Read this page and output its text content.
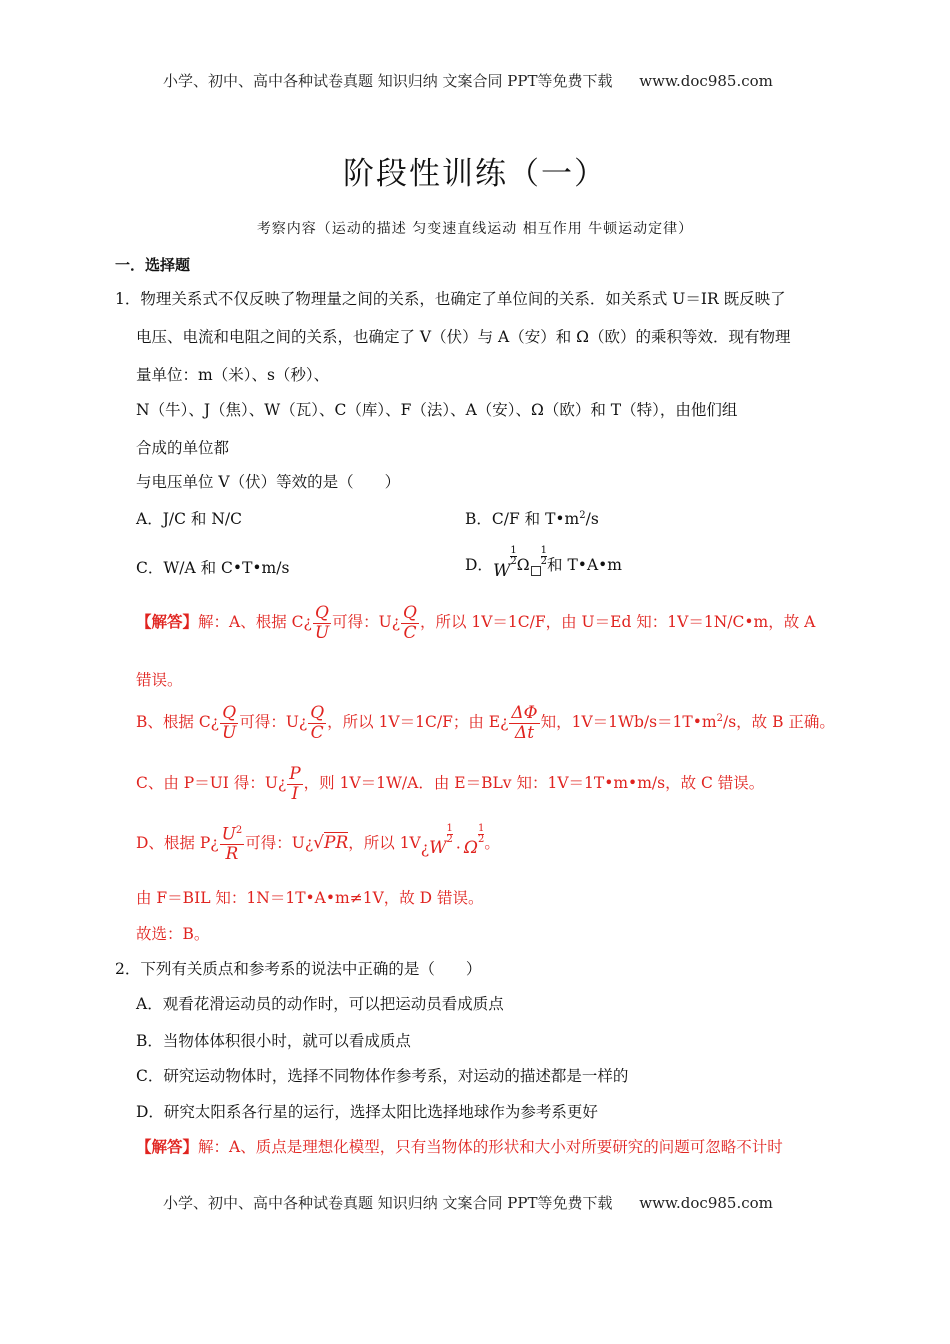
小学、初中、高中各种试卷真题 知识归纳 文案合同 PPT等免费下载 www.doc985.com
阶段性训练（一）
考察内容（运动的描述 匀变速直线运动 相互作用 牛顿运动定律）
一．选择题
1．物理关系式不仅反映了物理量之间的关系，也确定了单位间的关系．如关系式 U＝IR 既反映了
电压、电流和电阻之间的关系，也确定了 V（伏）与 A（安）和 Ω（欧）的乘积等效．现有物理
量单位：m（米）、s（秒）、
N（牛）、J（焦）、W（瓦）、C（库）、F（法）、A（安）、Ω（欧）和 T（特），由他们组
合成的单位都
与电压单位 V（伏）等效的是（　　）
A．J/C 和 N/C	B．C/F 和 $T•m^2/s$
C．W/A 和 C•T•m/s	D．W
$\frac{1}{2}$ Ω $\frac{1}{2}$ 和 T•A•m
【解答】解：A、根据 C¿ $\frac{Q}{U}$ 可得：U¿ $\frac{Q}{C}$ ，所以 1V＝1C/F，由 U＝Ed 知：1V＝1N/C•m，故 A
错误。
B、根据 C¿ $\frac{Q}{U}$ 可得：U¿ $\frac{Q}{C}$ ，所以 1V＝1C/F；由 E¿ $\frac{\Delta\Phi}{\Delta t}$ 知，$1V=1Wb/s=1T•m^2/s$，故 B 正确。
C、由 P＝UI 得：U¿ $\frac{P}{I}$ ，则 1V＝1W/A．由 E＝BLv 知：1V＝1T•m•m/s，故 C 错误。
D、根据 P¿ $\frac{U^2}{R}$ 可得：U¿√PR，所以 1V¿W
$\frac{1}{2}$
· Ω
$\frac{1}{2}$ 。
由 F＝BIL 知：1N＝1T•A•m≠1V，故 D 错误。
故选：B。
2．下列有关质点和参考系的说法中正确的是（　　）
A．观看花滑运动员的动作时，可以把运动员看成质点
B．当物体体积很小时，就可以看成质点
C．研究运动物体时，选择不同物体作参考系，对运动的描述都是一样的
D．研究太阳系各行星的运行，选择太阳比选择地球作为参考系更好
【解答】解：A、质点是理想化模型，只有当物体的形状和大小对所要研究的问题可忽略不计时
小学、初中、高中各种试卷真题 知识归纳 文案合同 PPT等免费下载 www.doc985.com
